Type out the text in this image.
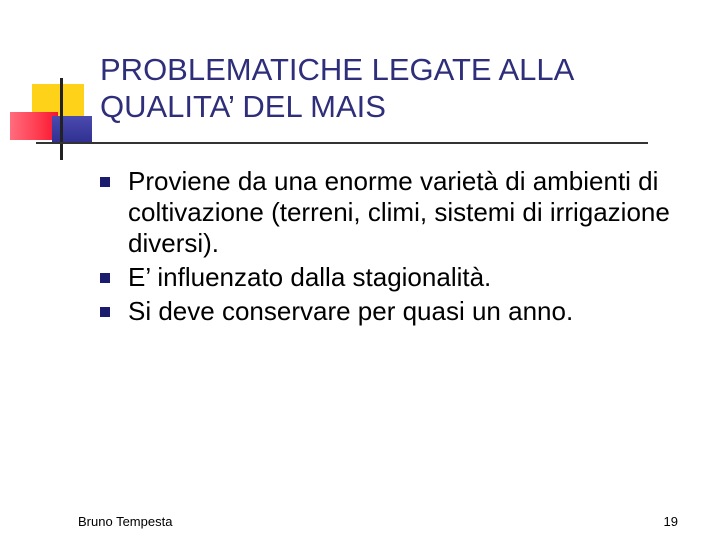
PROBLEMATICHE LEGATE ALLA
QUALITA’ DEL MAIS
Proviene da una enorme varietà di ambienti di coltivazione (terreni, climi, sistemi di irrigazione diversi).
E’ influenzato dalla stagionalità.
Si deve conservare per quasi un anno.
Bruno Tempesta	19
